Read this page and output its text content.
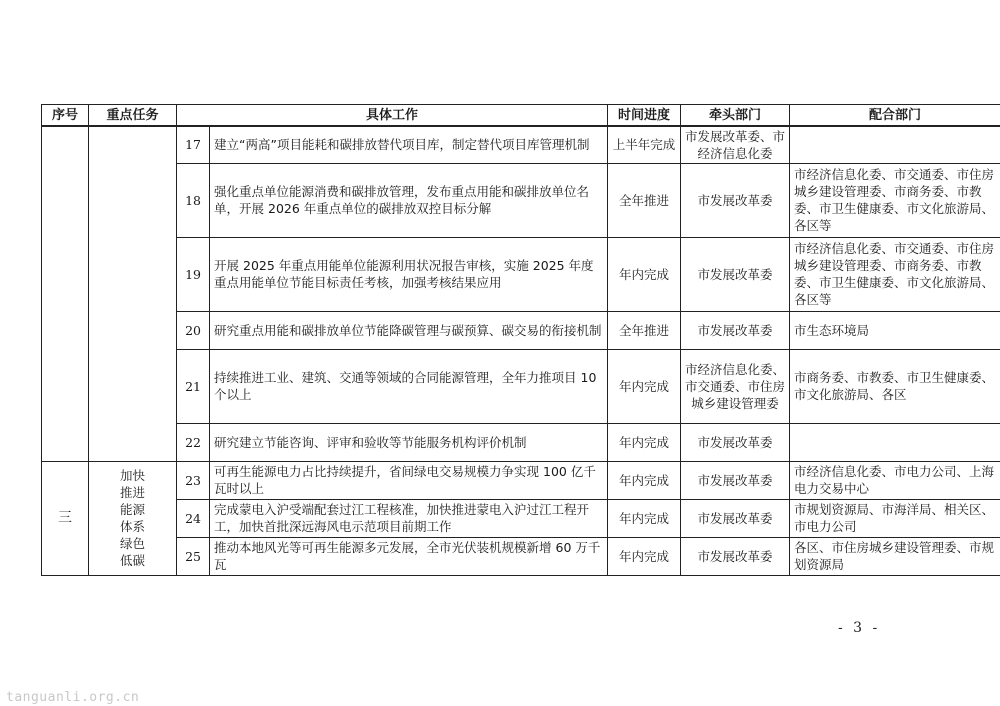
序号	重点任务	具体工作		时间进度	牵头部门	配合部门
		17	建立“两高”项目能耗和碳排放替代项目库，制定替代项目库管理机制	上半年完成	市发展改革委、市经济信息化委	
		18	强化重点单位能源消费和碳排放管理，发布重点用能和碳排放单位名单，开展 2026 年重点单位的碳排放双控目标分解	全年推进	市发展改革委	市经济信息化委、市交通委、市住房城乡建设管理委、市商务委、市教委、市卫生健康委、市文化旅游局、各区等
		19	开展 2025 年重点用能单位能源利用状况报告审核，实施 2025 年度重点用能单位节能目标责任考核，加强考核结果应用	年内完成	市发展改革委	市经济信息化委、市交通委、市住房城乡建设管理委、市商务委、市教委、市卫生健康委、市文化旅游局、各区等
		20	研究重点用能和碳排放单位节能降碳管理与碳预算、碳交易的衔接机制	全年推进	市发展改革委	市生态环境局
		21	持续推进工业、建筑、交通等领域的合同能源管理，全年力推项目 10 个以上	年内完成	市经济信息化委、市交通委、市住房城乡建设管理委	市商务委、市教委、市卫生健康委、市文化旅游局、各区
		22	研究建立节能咨询、评审和验收等节能服务机构评价机制	年内完成	市发展改革委	
三	加快推进能源体系绿色低碳	23	可再生能源电力占比持续提升，省间绿电交易规模力争实现 100 亿千瓦时以上	年内完成	市发展改革委	市经济信息化委、市电力公司、上海电力交易中心
		24	完成蒙电入沪受端配套过江工程核准，加快推进蒙电入沪过江工程开工，加快首批深远海风电示范项目前期工作	年内完成	市发展改革委	市规划资源局、市海洋局、相关区、市电力公司
		25	推动本地风光等可再生能源多元发展，全市光伏装机规模新增 60 万千瓦	年内完成	市发展改革委	各区、市住房城乡建设管理委、市规划资源局
- 3 -
tanguanli.org.cn
